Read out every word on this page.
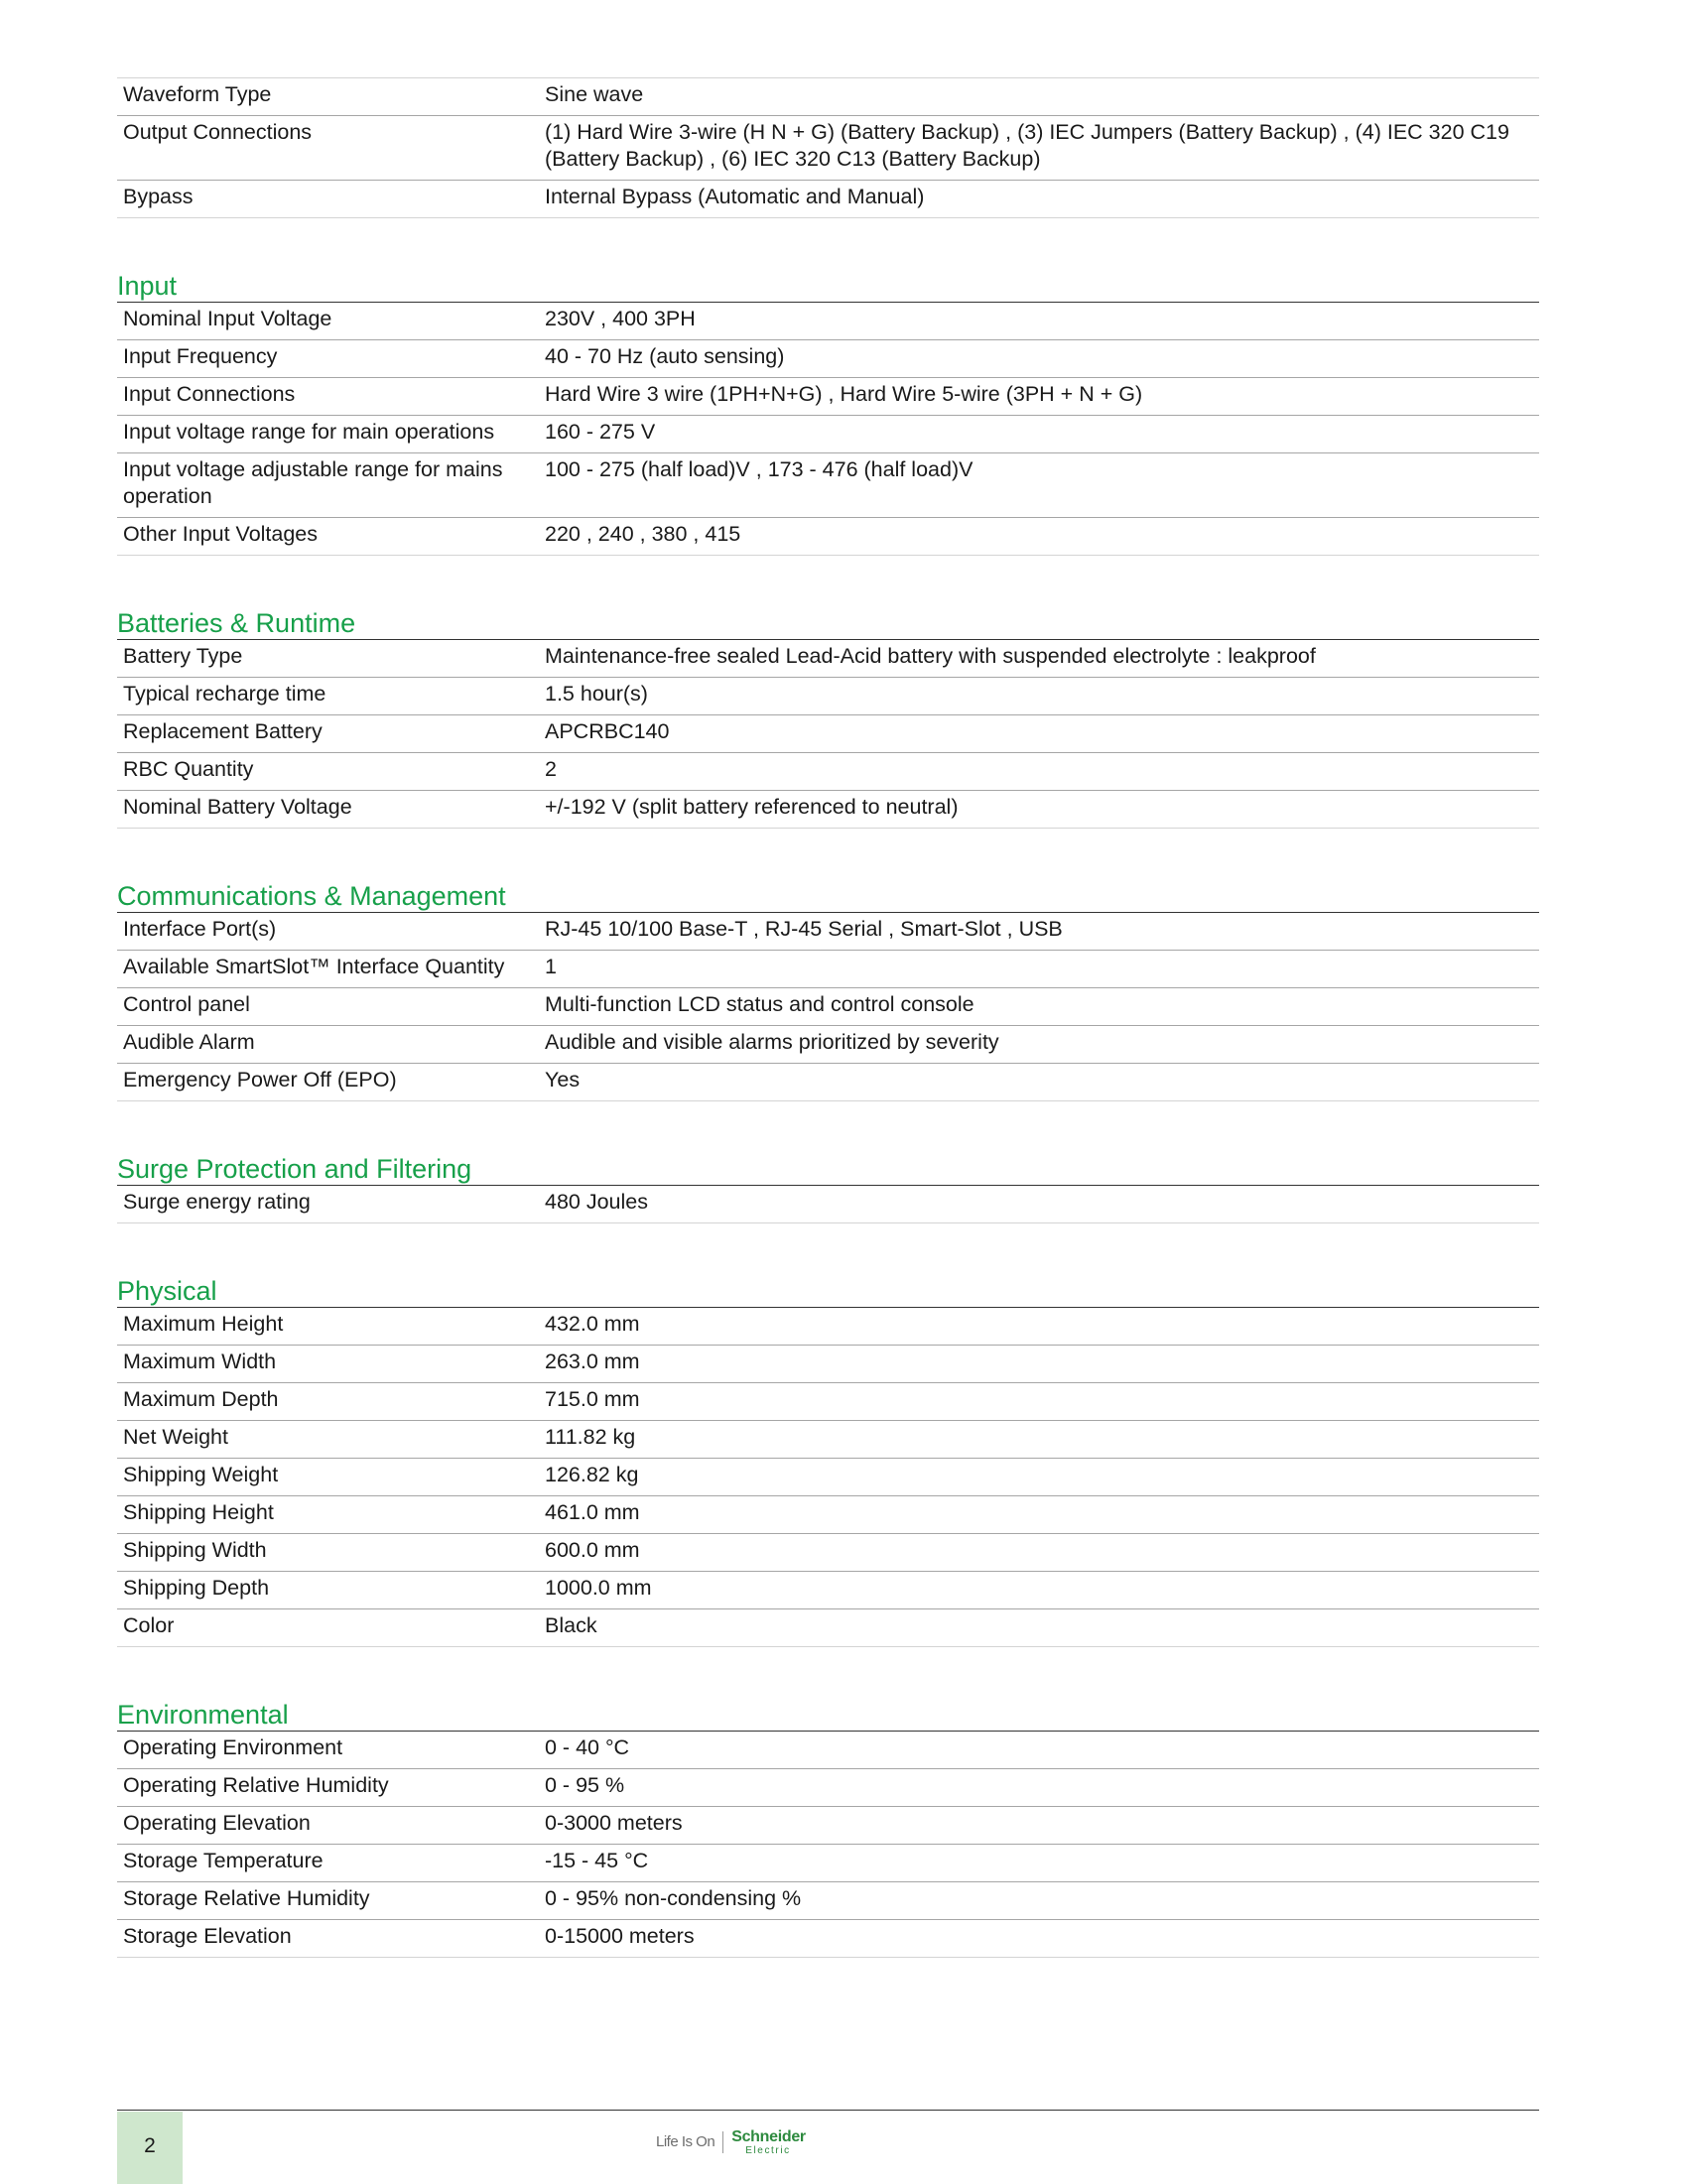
Waveform Type	Sine wave
Output Connections	(1) Hard Wire 3-wire (H N + G) (Battery Backup) , (3) IEC Jumpers (Battery Backup) , (4) IEC 320 C19 (Battery Backup) , (6) IEC 320 C13 (Battery Backup)
Bypass	Internal Bypass (Automatic and Manual)
Input
Nominal Input Voltage	230V , 400 3PH
Input Frequency	40 - 70 Hz (auto sensing)
Input Connections	Hard Wire 3 wire (1PH+N+G) , Hard Wire 5-wire (3PH + N + G)
Input voltage range for main operations	160 - 275 V
Input voltage adjustable range for mains operation	100 - 275 (half load)V , 173 - 476 (half load)V
Other Input Voltages	220 , 240 , 380 , 415
Batteries & Runtime
Battery Type	Maintenance-free sealed Lead-Acid battery with suspended electrolyte : leakproof
Typical recharge time	1.5 hour(s)
Replacement Battery	APCRBC140
RBC Quantity	2
Nominal Battery Voltage	+/-192 V (split battery referenced to neutral)
Communications & Management
Interface Port(s)	RJ-45 10/100 Base-T , RJ-45 Serial , Smart-Slot , USB
Available SmartSlot™ Interface Quantity	1
Control panel	Multi-function LCD status and control console
Audible Alarm	Audible and visible alarms prioritized by severity
Emergency Power Off (EPO)	Yes
Surge Protection and Filtering
Surge energy rating	480 Joules
Physical
Maximum Height	432.0 mm
Maximum Width	263.0 mm
Maximum Depth	715.0 mm
Net Weight	111.82 kg
Shipping Weight	126.82 kg
Shipping Height	461.0 mm
Shipping Width	600.0 mm
Shipping Depth	1000.0 mm
Color	Black
Environmental
Operating Environment	0 - 40 °C
Operating Relative Humidity	0 - 95 %
Operating Elevation	0-3000 meters
Storage Temperature	-15 - 45 °C
Storage Relative Humidity	0 - 95% non-condensing %
Storage Elevation	0-15000 meters
2	Life Is On	Schneider
Electric
